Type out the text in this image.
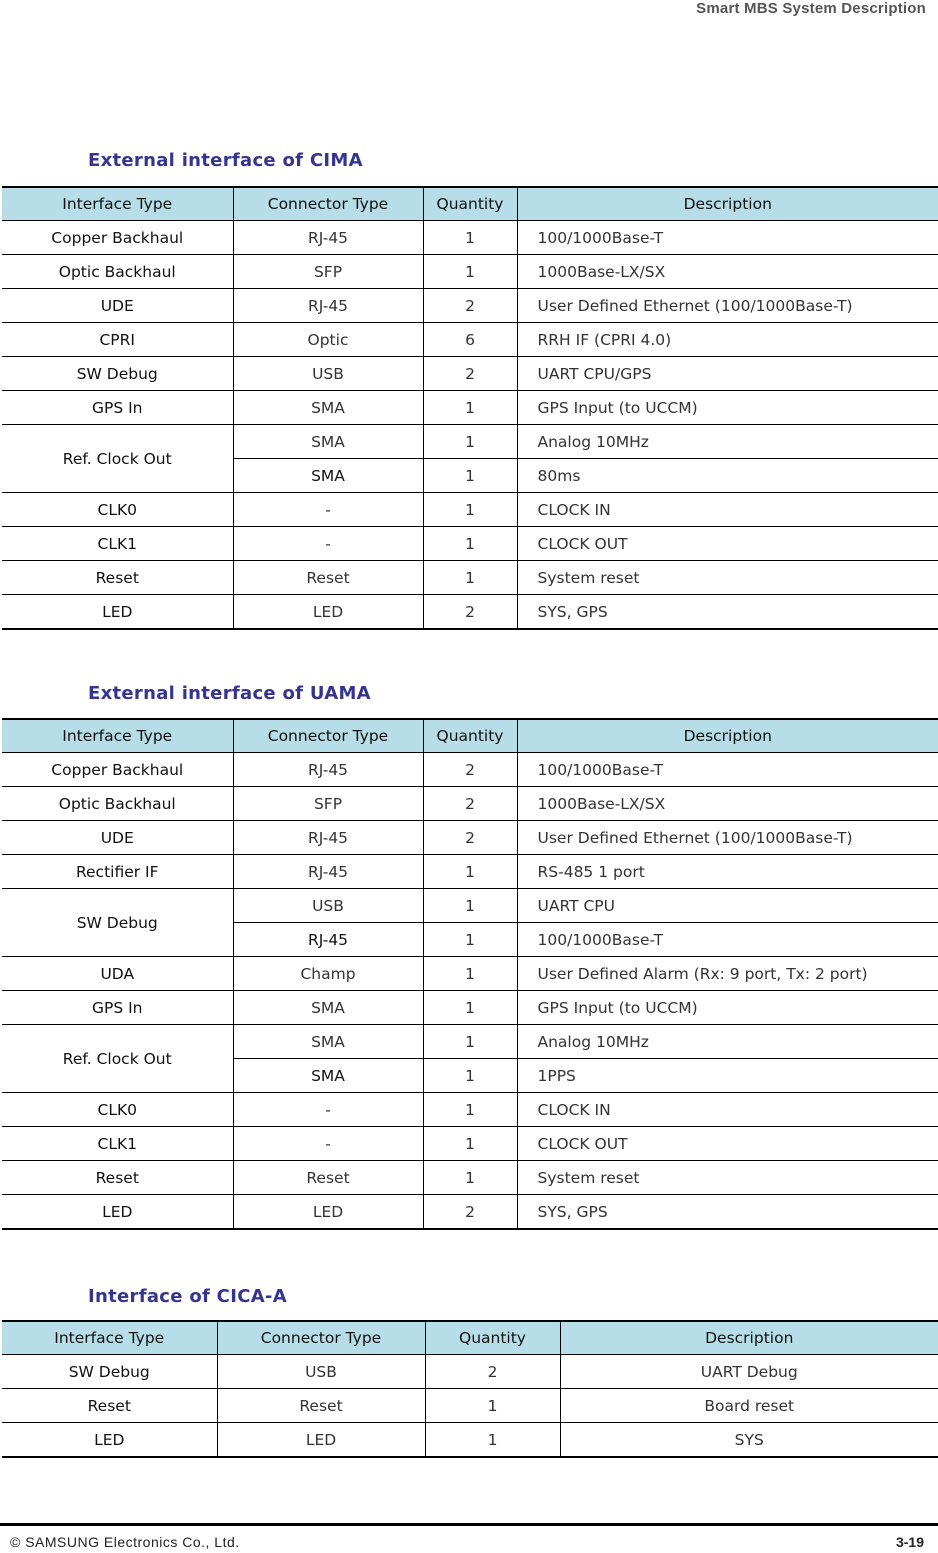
Smart MBS System Description
External interface of CIMA
Interface Type	Connector Type	Quantity	Description
Copper Backhaul	RJ-45	1	100/1000Base-T
Optic Backhaul	SFP	1	1000Base-LX/SX
UDE	RJ-45	2	User Defined Ethernet (100/1000Base-T)
CPRI	Optic	6	RRH IF (CPRI 4.0)
SW Debug	USB	2	UART CPU/GPS
GPS In	SMA	1	GPS Input (to UCCM)
Ref. Clock Out	SMA	1	Analog 10MHz
	SMA	1	80ms
CLK0	-	1	CLOCK IN
CLK1	-	1	CLOCK OUT
Reset	Reset	1	System reset
LED	LED	2	SYS, GPS
External interface of UAMA
Interface Type	Connector Type	Quantity	Description
Copper Backhaul	RJ-45	2	100/1000Base-T
Optic Backhaul	SFP	2	1000Base-LX/SX
UDE	RJ-45	2	User Defined Ethernet (100/1000Base-T)
Rectifier IF	RJ-45	1	RS-485 1 port
SW Debug	USB	1	UART CPU
	RJ-45	1	100/1000Base-T
UDA	Champ	1	User Defined Alarm (Rx: 9 port, Tx: 2 port)
GPS In	SMA	1	GPS Input (to UCCM)
Ref. Clock Out	SMA	1	Analog 10MHz
	SMA	1	1PPS
CLK0	-	1	CLOCK IN
CLK1	-	1	CLOCK OUT
Reset	Reset	1	System reset
LED	LED	2	SYS, GPS
Interface of CICA-A
Interface Type	Connector Type	Quantity	Description
SW Debug	USB	2	UART Debug
Reset	Reset	1	Board reset
LED	LED	1	SYS
© SAMSUNG Electronics Co., Ltd.	3-19
